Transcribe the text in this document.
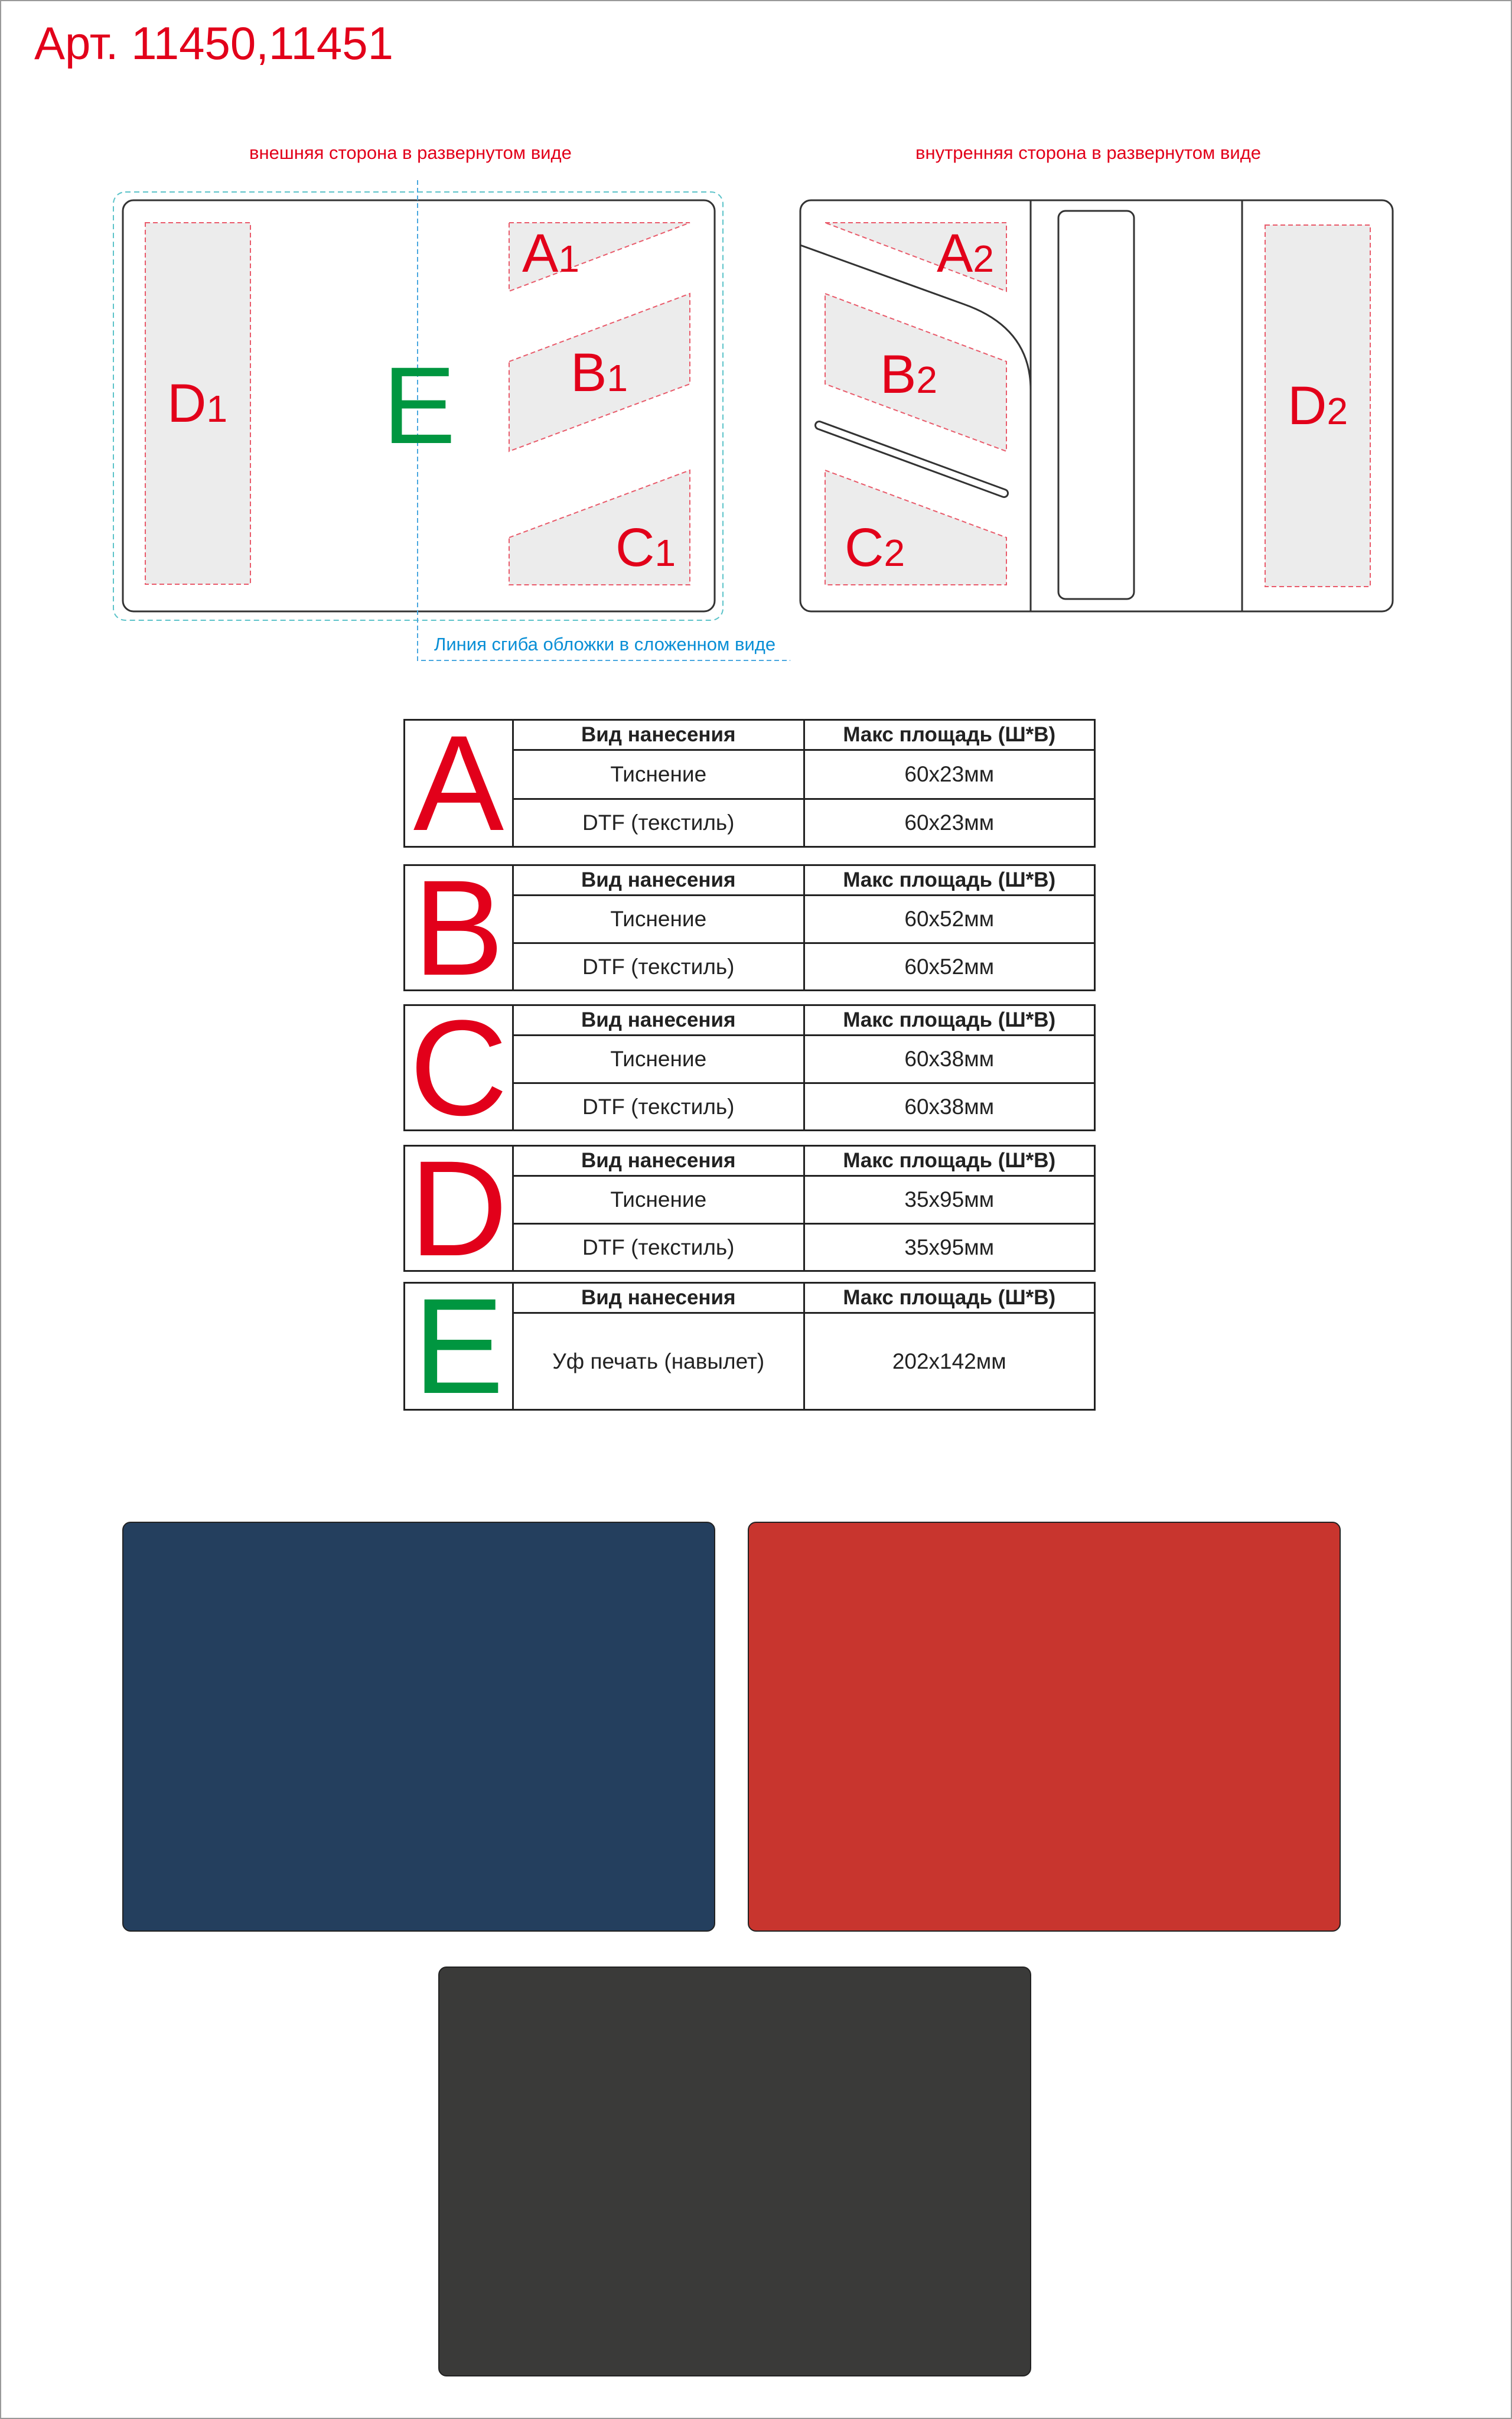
Арт. 11450,11451
внешняя сторона в развернутом виде	внутренняя сторона в развернутом виде
D1
A1
B1
C1
E
A2
B2
C2
D2
Линия сгиба обложки в сложенном виде
A	Вид нанесения	Макс площадь (Ш*В)
Тиснение	60x23мм
DTF (текстиль)	60x23мм
B	Вид нанесения	Макс площадь (Ш*В)
Тиснение	60x52мм
DTF (текстиль)	60x52мм
C	Вид нанесения	Макс площадь (Ш*В)
Тиснение	60x38мм
DTF (текстиль)	60x38мм
D	Вид нанесения	Макс площадь (Ш*В)
Тиснение	35x95мм
DTF (текстиль)	35x95мм
E	Вид нанесения	Макс площадь (Ш*В)
Уф печать (навылет)	202x142мм
